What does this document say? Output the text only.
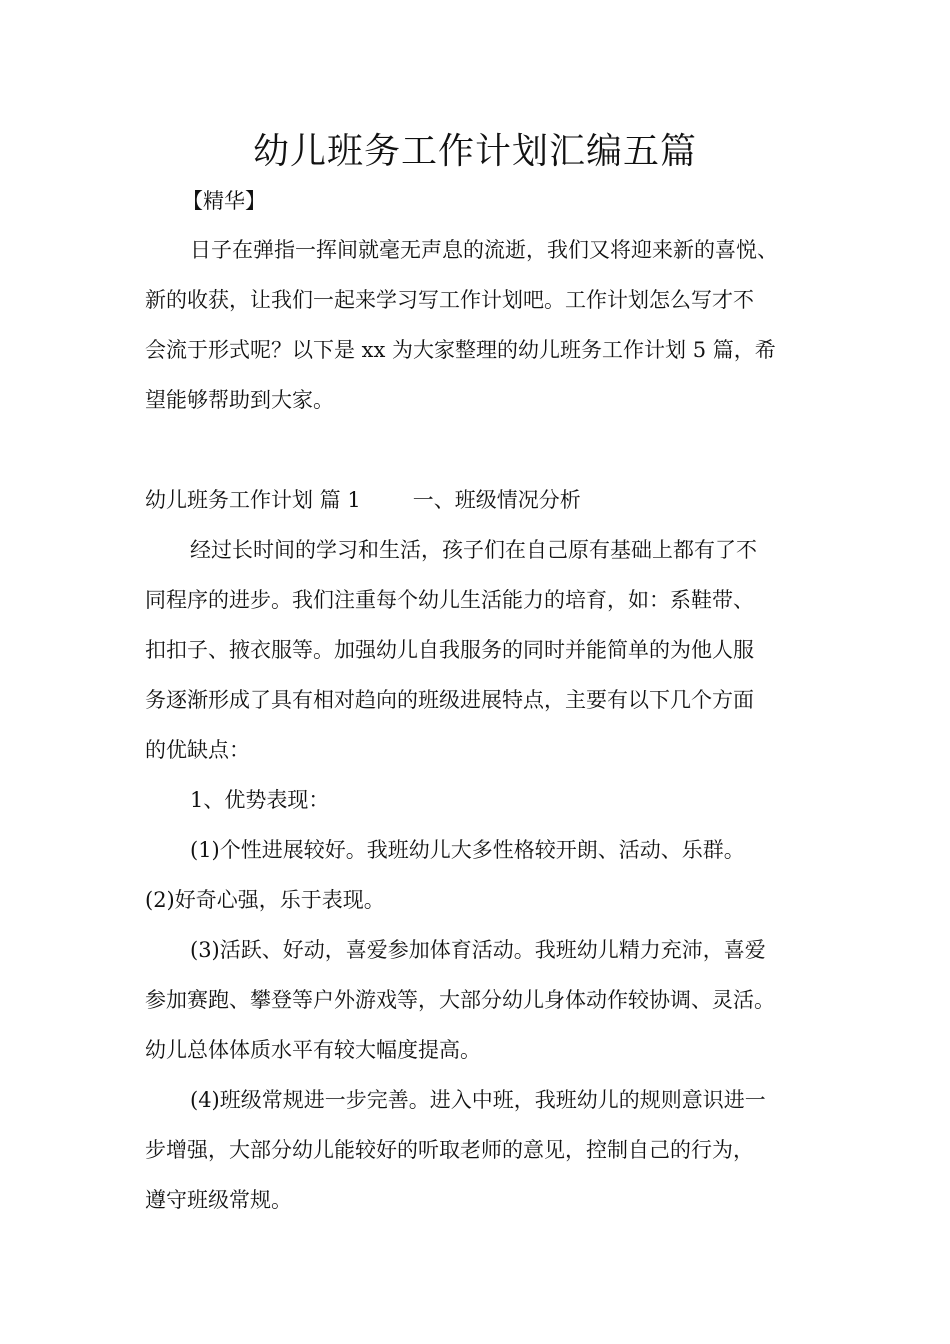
幼儿班务工作计划汇编五篇

【精华】

日子在弹指一挥间就毫无声息的流逝，我们又将迎来新的喜悦、

新的收获，让我们一起来学习写工作计划吧。工作计划怎么写才不

会流于形式呢？以下是 xx 为大家整理的幼儿班务工作计划 5 篇，希

望能够帮助到大家。

幼儿班务工作计划 篇 1 一、班级情况分析

经过长时间的学习和生活，孩子们在自己原有基础上都有了不

同程序的进步。我们注重每个幼儿生活能力的培育，如：系鞋带、

扣扣子、掖衣服等。加强幼儿自我服务的同时并能简单的为他人服

务逐渐形成了具有相对趋向的班级进展特点，主要有以下几个方面

的优缺点：

1、优势表现：

(1)个性进展较好。我班幼儿大多性格较开朗、活动、乐群。

(2)好奇心强，乐于表现。

(3)活跃、好动，喜爱参加体育活动。我班幼儿精力充沛，喜爱

参加赛跑、攀登等户外游戏等，大部分幼儿身体动作较协调、灵活。

幼儿总体体质水平有较大幅度提高。

(4)班级常规进一步完善。进入中班，我班幼儿的规则意识进一

步增强，大部分幼儿能较好的听取老师的意见，控制自己的行为，

遵守班级常规。
